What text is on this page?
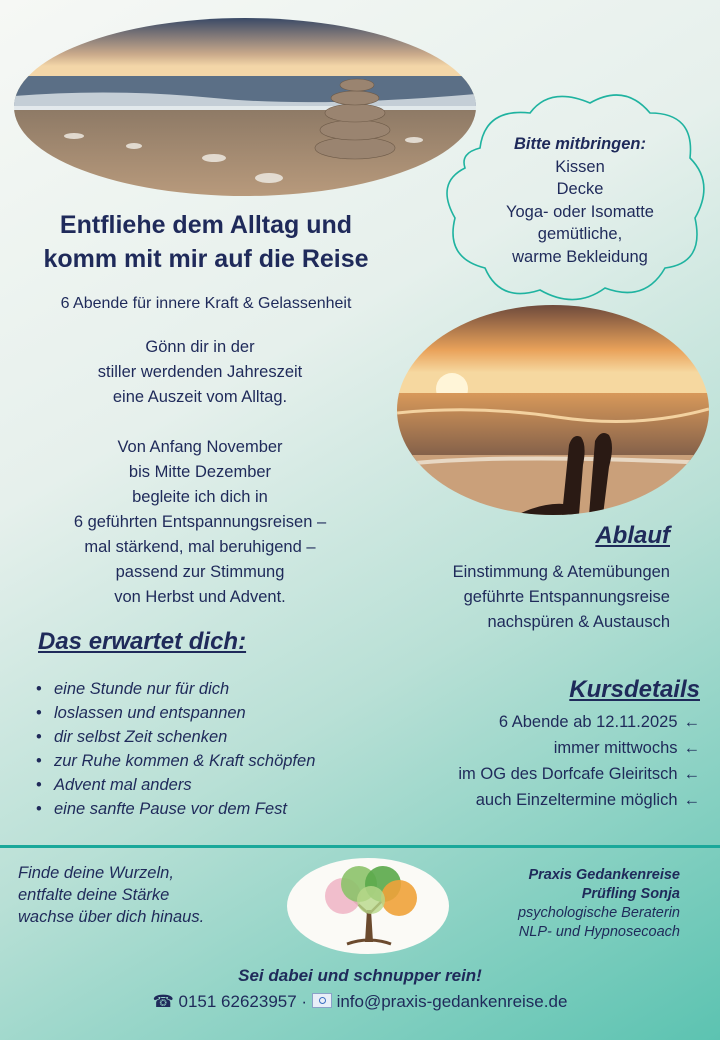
Entfliehe dem Alltag und
komm mit mir auf die Reise
6 Abende für innere Kraft & Gelassenheit
Gönn dir in der
stiller werdenden Jahreszeit
eine Auszeit vom Alltag.
Von Anfang November
bis Mitte Dezember
begleite ich dich in
6 geführten Entspannungsreisen –
mal stärkend, mal beruhigend –
passend zur Stimmung
von Herbst und Advent.
Bitte mitbringen:
Kissen
Decke
Yoga- oder Isomatte
gemütliche,
warme Bekleidung
Ablauf
Einstimmung & Atemübungen
geführte Entspannungsreise
nachspüren & Austausch
Das erwartet dich:
• eine Stunde nur für dich
• loslassen und entspannen
• dir selbst Zeit schenken
• zur Ruhe kommen & Kraft schöpfen
• Advent mal anders
• eine sanfte Pause vor dem Fest
Kursdetails
6 Abende ab 12.11.2025 ←
immer mittwochs ←
im OG des Dorfcafe Gleiritsch ←
auch Einzeltermine möglich ←
Finde deine Wurzeln,
entfalte deine Stärke
wachse über dich hinaus.
Praxis Gedankenreise
Prüfling Sonja
psychologische Beraterin
NLP- und Hypnosecoach
Sei dabei und schnupper rein!
☎ 0151 62623957 · info@praxis-gedankenreise.de
